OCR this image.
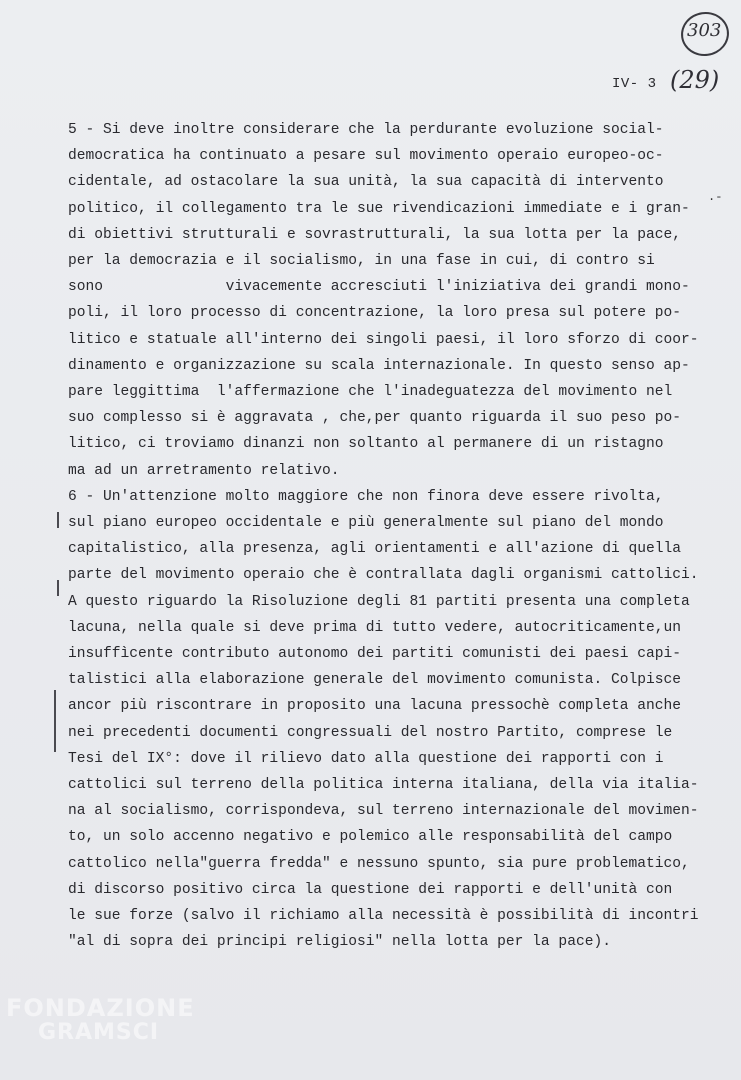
303
IV- 3 (29)
.-
5 - Si deve inoltre considerare che la perdurante evoluzione social-
democratica ha continuato a pesare sul movimento operaio europeo-oc-
cidentale, ad ostacolare la sua unità, la sua capacità di intervento
politico, il collegamento tra le sue rivendicazioni immediate e i gran-
di obiettivi strutturali e sovrastrutturali, la sua lotta per la pace,
per la democrazia e il socialismo, in una fase in cui, di contro si
sono              vivacemente accresciuti l'iniziativa dei grandi mono-
poli, il loro processo di concentrazione, la loro presa sul potere po-
litico e statuale all'interno dei singoli paesi, il loro sforzo di coor-
dinamento e organizzazione su scala internazionale. In questo senso ap-
pare leggittima  l'affermazione che l'inadeguatezza del movimento nel
suo complesso si è aggravata , che,per quanto riguarda il suo peso po-
litico, ci troviamo dinanzi non soltanto al permanere di un ristagno
ma ad un arretramento relativo.
6 - Un'attenzione molto maggiore che non finora deve essere rivolta,
sul piano europeo occidentale e più generalmente sul piano del mondo
capitalistico, alla presenza, agli orientamenti e all'azione di quella
parte del movimento operaio che è contrallata dagli organismi cattolici.
A questo riguardo la Risoluzione degli 81 partiti presenta una completa
lacuna, nella quale si deve prima di tutto vedere, autocriticamente,un
insuffìcente contributo autonomo dei partiti comunisti dei paesi capi-
talistici alla elaborazione generale del movimento comunista. Colpisce
ancor più riscontrare in proposito una lacuna pressochè completa anche
nei precedenti documenti congressuali del nostro Partito, comprese le
Tesi del IX°: dove il rilievo dato alla questione dei rapporti con i
cattolici sul terreno della politica interna italiana, della via italia-
na al socialismo, corrispondeva, sul terreno internazionale del movimen-
to, un solo accenno negativo e polemico alle responsabilità del campo
cattolico nella"guerra fredda" e nessuno spunto, sia pure problematico,
di discorso positivo circa la questione dei rapporti e dell'unità con
le sue forze (salvo il richiamo alla necessità è possibilità di incontri
"al di sopra dei principi religiosi" nella lotta per la pace).
FONDAZIONE
GRAMSCI
